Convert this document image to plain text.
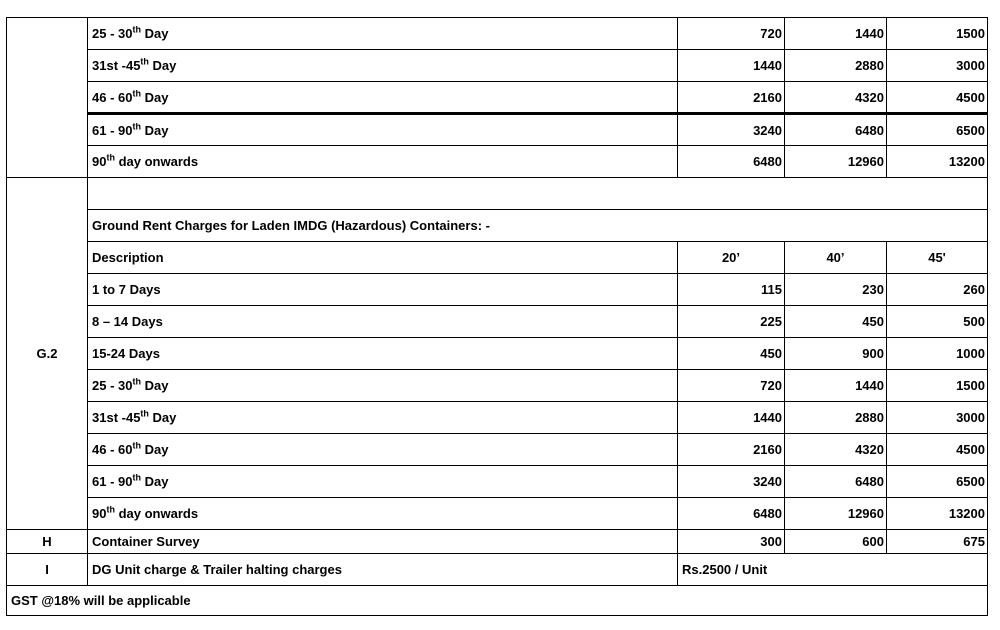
	25 - 30th Day	720	1440	1500
	31st -45th Day	1440	2880	3000
	46 - 60th Day	2160	4320	4500
	61 - 90th Day	3240	6480	6500
	90th day onwards	6480	12960	13200
G.2				
	Ground Rent Charges for Laden IMDG (Hazardous) Containers: -			
	Description	20’	40’	45'
	1 to 7 Days	115	230	260
	8 – 14 Days	225	450	500
	15-24 Days	450	900	1000
	25 - 30th Day	720	1440	1500
	31st -45th Day	1440	2880	3000
	46 - 60th Day	2160	4320	4500
	61 - 90th Day	3240	6480	6500
	90th day onwards	6480	12960	13200
H	Container Survey	300	600	675
I	DG Unit charge & Trailer halting charges	Rs.2500 / Unit		
GST @18% will be applicable				
